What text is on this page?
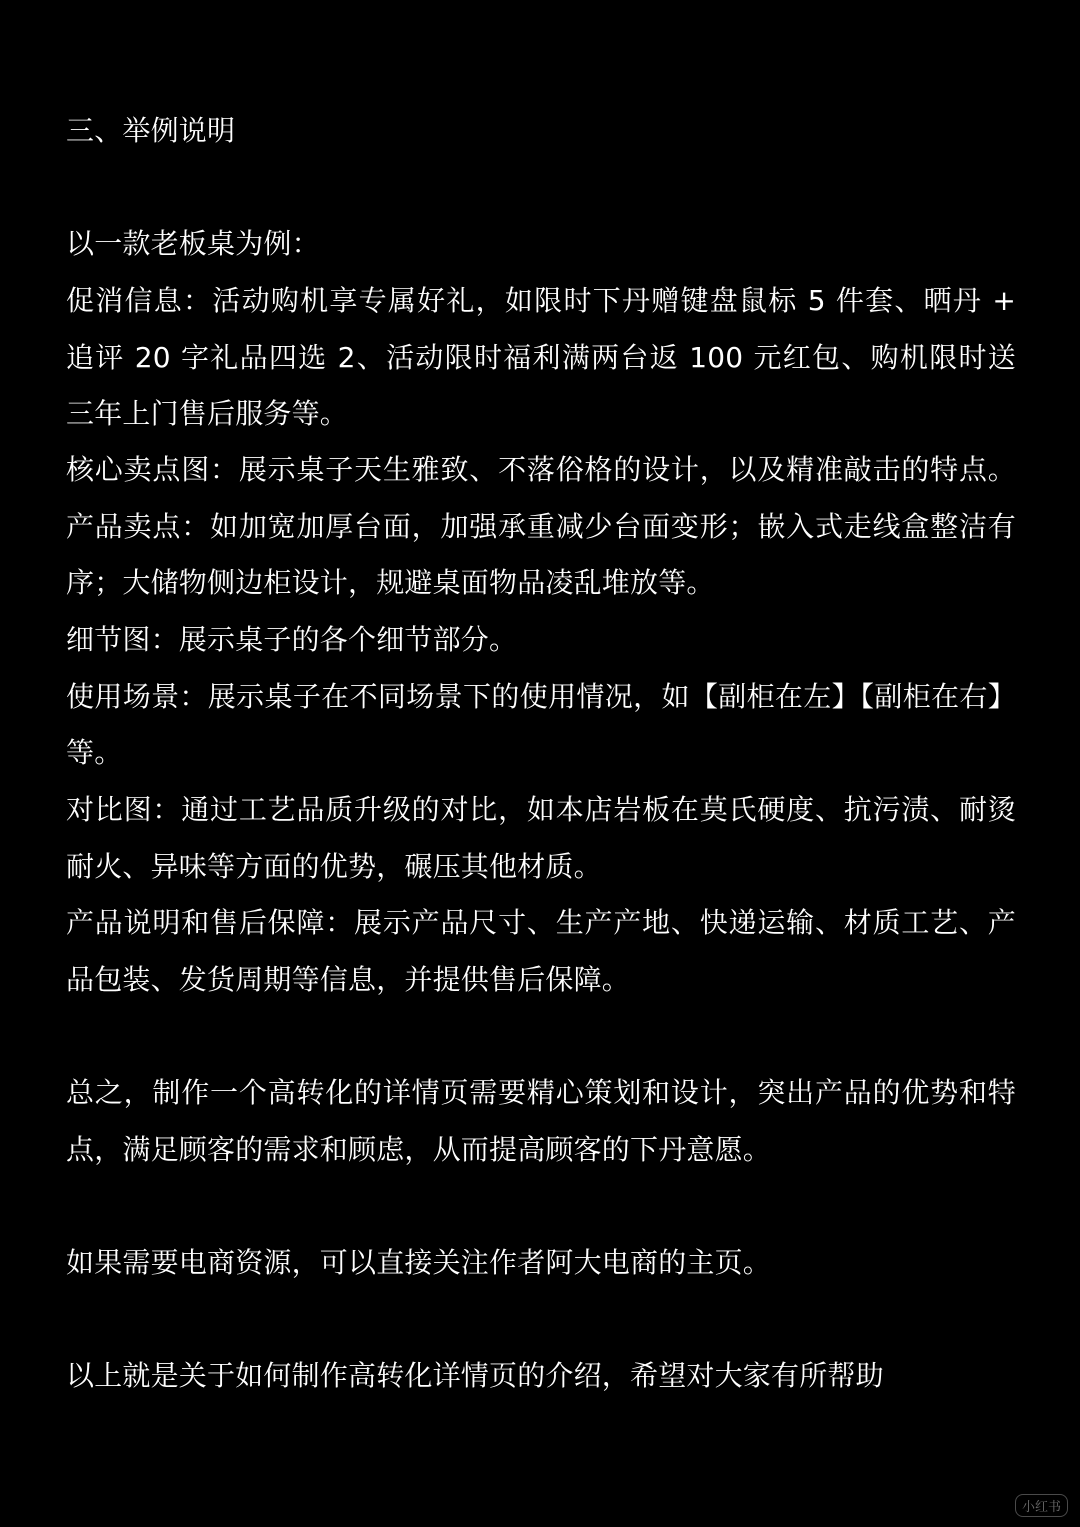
三、举例说明
以一款老板桌为例：
促消信息：活动购机享专属好礼，如限时下丹赠键盘鼠标 5 件套、晒丹 +
追评 20 字礼品四选 2、活动限时福利满两台返 100 元红包、购机限时送
三年上门售后服务等。
核心卖点图：展示桌子天生雅致、不落俗格的设计，以及精准敲击的特点。
产品卖点：如加宽加厚台面，加强承重减少台面变形；嵌入式走线盒整洁有
序；大储物侧边柜设计，规避桌面物品凌乱堆放等。
细节图：展示桌子的各个细节部分。
使用场景：展示桌子在不同场景下的使用情况，如【副柜在左】【副柜在右】
等。
对比图：通过工艺品质升级的对比，如本店岩板在莫氏硬度、抗污渍、耐烫
耐火、异味等方面的优势，碾压其他材质。
产品说明和售后保障：展示产品尺寸、生产产地、快递运输、材质工艺、产
品包装、发货周期等信息，并提供售后保障。
总之，制作一个高转化的详情页需要精心策划和设计，突出产品的优势和特
点，满足顾客的需求和顾虑，从而提高顾客的下丹意愿。
如果需要电商资源，可以直接关注作者阿大电商的主页。
以上就是关于如何制作高转化详情页的介绍，希望对大家有所帮助
小红书
